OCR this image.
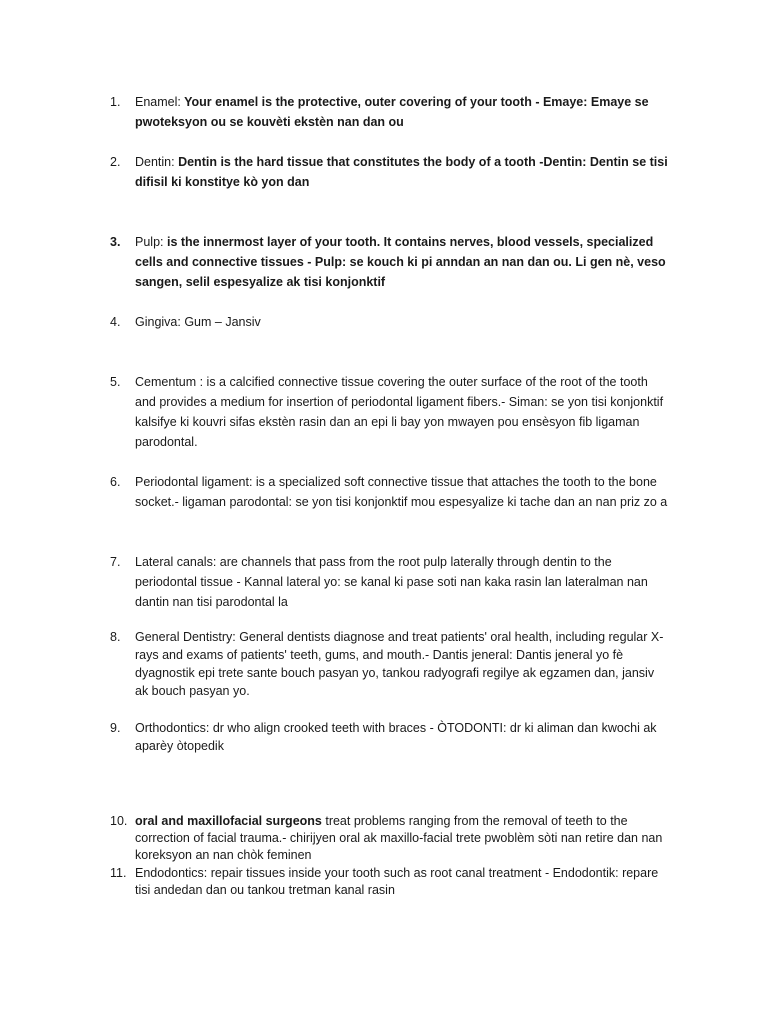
1.	Enamel: Your enamel is the protective, outer covering of your tooth - Emaye: Emaye se pwoteksyon ou se kouvèti ekstèn nan dan ou
2.	Dentin: Dentin is the hard tissue that constitutes the body of a tooth -Dentin: Dentin se tisi difisil ki konstitye kò yon dan
3.	Pulp: is the innermost layer of your tooth. It contains nerves, blood vessels, specialized cells and connective tissues - Pulp: se kouch ki pi anndan an nan dan ou. Li gen nè, veso sangen, selil espesyalize ak tisi konjonktif
4.	Gingiva: Gum – Jansiv
5.	Cementum : is a calcified connective tissue covering the outer surface of the root of the tooth and provides a medium for insertion of periodontal ligament fibers.- Siman: se yon tisi konjonktif kalsifye ki kouvri sifas ekstèn rasin dan an epi li bay yon mwayen pou ensèsyon fib ligaman parodontal.
6.	Periodontal ligament: is a specialized soft connective tissue that attaches the tooth to the bone socket.- ligaman parodontal: se yon tisi konjonktif mou espesyalize ki tache dan an nan priz zo a
7.	Lateral canals: are channels that pass from the root pulp laterally through dentin to the periodontal tissue - Kannal lateral yo: se kanal ki pase soti nan kaka rasin lan lateralman nan dantin nan tisi parodontal la
8.	General Dentistry: General dentists diagnose and treat patients' oral health, including regular X-rays and exams of patients' teeth, gums, and mouth.- Dantis jeneral: Dantis jeneral yo fè dyagnostik epi trete sante bouch pasyan yo, tankou radyografi regilye ak egzamen dan, jansiv ak bouch pasyan yo.
9.	Orthodontics: dr who align crooked teeth with braces - ÒTODONTI: dr ki aliman dan kwochi ak aparèy òtopedik
10. oral and maxillofacial surgeons treat problems ranging from the removal of teeth to the correction of facial trauma.- chirijyen oral ak maxillo-facial trete pwoblèm sòti nan retire dan nan koreksyon an nan chòk feminen
11. Endodontics: repair tissues inside your tooth such as root canal treatment - Endodontik: repare tisi andedan dan ou tankou tretman kanal rasin
